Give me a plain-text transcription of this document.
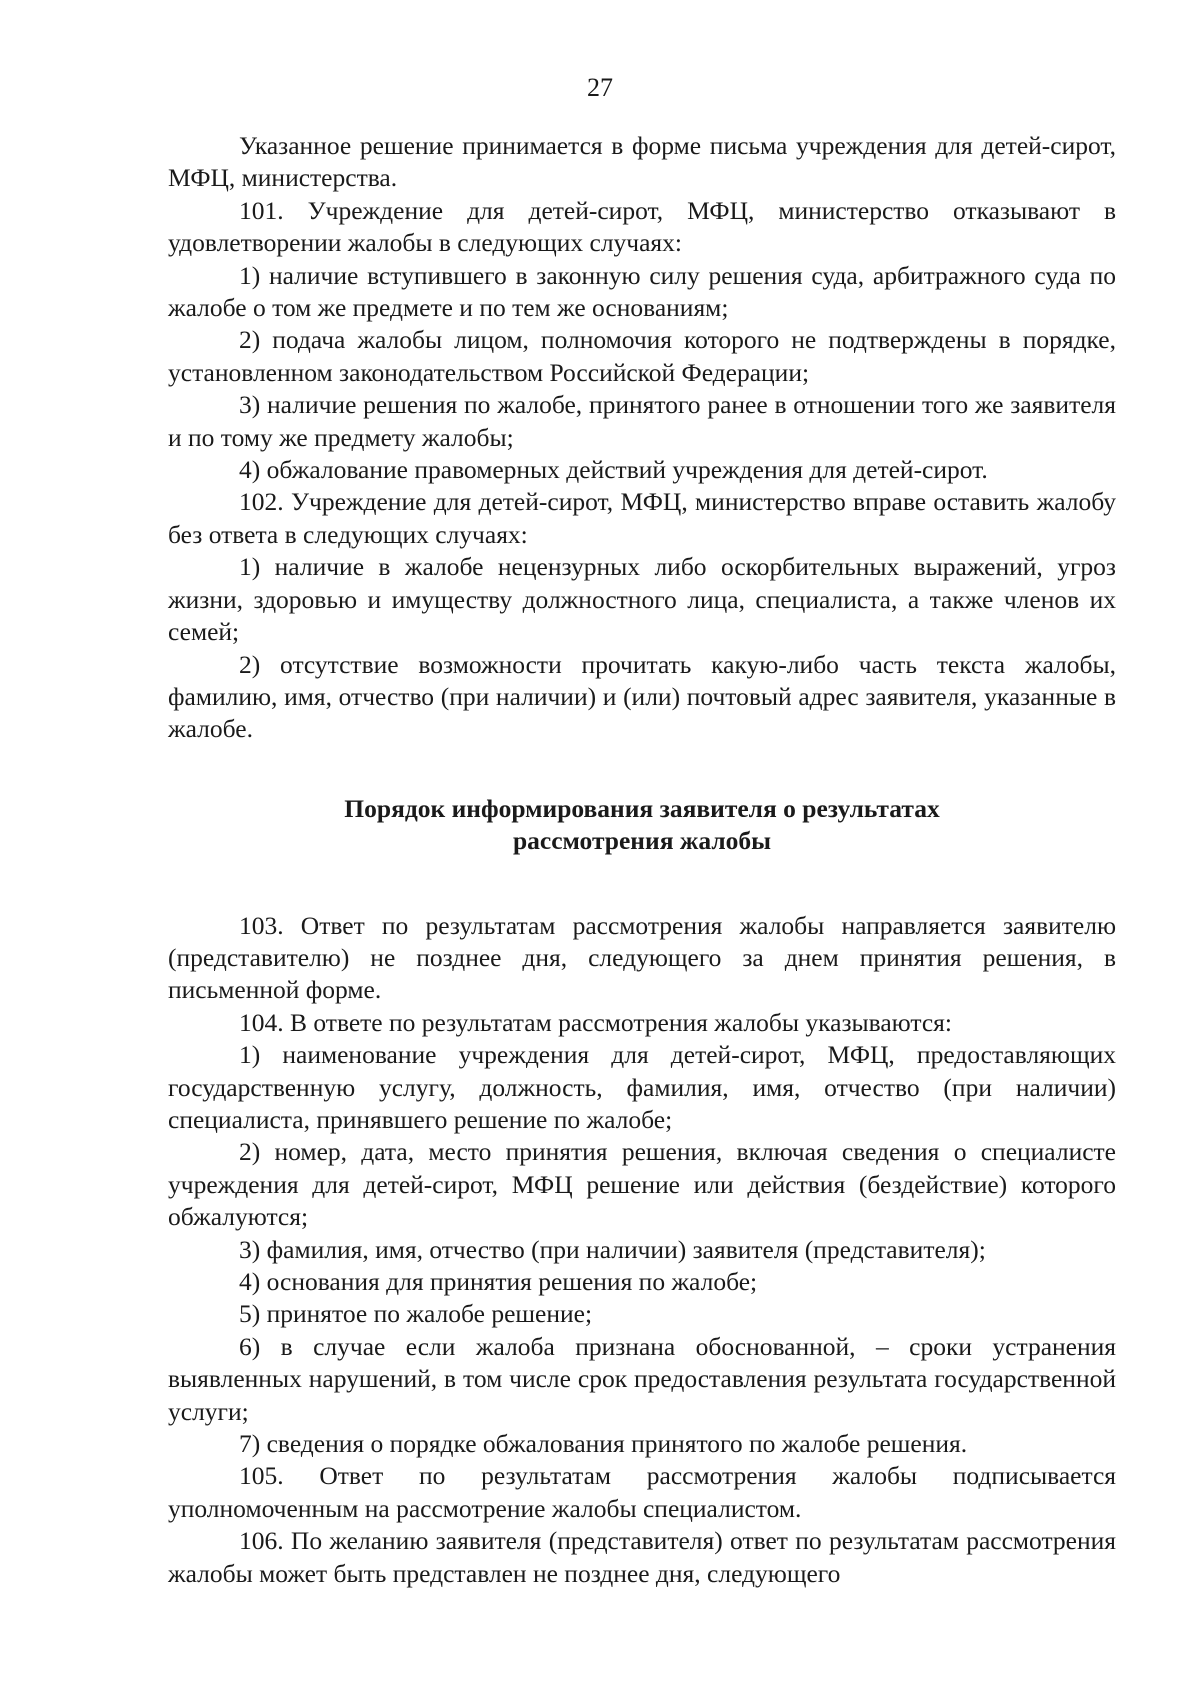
27

Указанное решение принимается в форме письма учреждения для детей-сирот, МФЦ, министерства.

101. Учреждение для детей-сирот, МФЦ, министерство отказывают в удовлетворении жалобы в следующих случаях:

1) наличие вступившего в законную силу решения суда, арбитражного суда по жалобе о том же предмете и по тем же основаниям;

2) подача жалобы лицом, полномочия которого не подтверждены в порядке, установленном законодательством Российской Федерации;

3) наличие решения по жалобе, принятого ранее в отношении того же заявителя и по тому же предмету жалобы;

4) обжалование правомерных действий учреждения для детей-сирот.

102. Учреждение для детей-сирот, МФЦ, министерство вправе оставить жалобу без ответа в следующих случаях:

1) наличие в жалобе нецензурных либо оскорбительных выражений, угроз жизни, здоровью и имуществу должностного лица, специалиста, а также членов их семей;

2) отсутствие возможности прочитать какую-либо часть текста жалобы, фамилию, имя, отчество (при наличии) и (или) почтовый адрес заявителя, указанные в жалобе.

Порядок информирования заявителя о результатах
рассмотрения жалобы

103. Ответ по результатам рассмотрения жалобы направляется заявителю (представителю) не позднее дня, следующего за днем принятия решения, в письменной форме.

104. В ответе по результатам рассмотрения жалобы указываются:

1) наименование учреждения для детей-сирот, МФЦ, предоставляющих государственную услугу, должность, фамилия, имя, отчество (при наличии) специалиста, принявшего решение по жалобе;

2) номер, дата, место принятия решения, включая сведения о специалисте учреждения для детей-сирот, МФЦ решение или действия (бездействие) которого обжалуются;

3) фамилия, имя, отчество (при наличии) заявителя (представителя);

4) основания для принятия решения по жалобе;

5) принятое по жалобе решение;

6) в случае если жалоба признана обоснованной, – сроки устранения выявленных нарушений, в том числе срок предоставления результата государственной услуги;

7) сведения о порядке обжалования принятого по жалобе решения.

105. Ответ по результатам рассмотрения жалобы подписывается уполномоченным на рассмотрение жалобы специалистом.

106. По желанию заявителя (представителя) ответ по результатам рассмотрения жалобы может быть представлен не позднее дня, следующего
